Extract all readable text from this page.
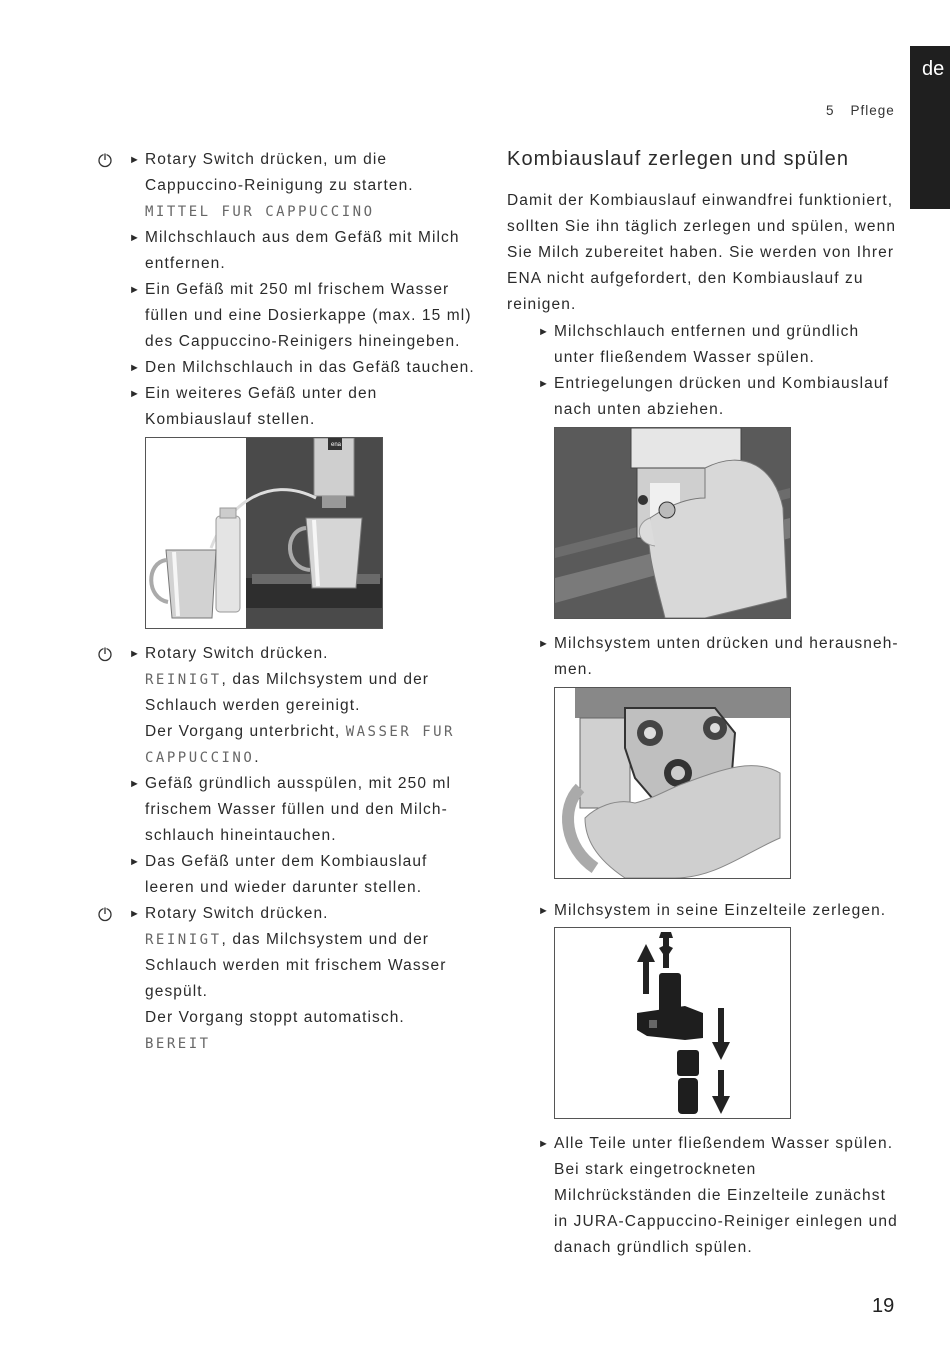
de
5 Pflege
► Rotary Switch drücken, um die Cappuccino-Reinigung zu starten.
MITTEL FUR CAPPUCCINO
► Milchschlauch aus dem Gefäß mit Milch entfernen.
► Ein Gefäß mit 250 ml frischem Wasser füllen und eine Dosierkappe (max. 15 ml) des Cappuccino-Reinigers hineingeben.
► Den Milchschlauch in das Gefäß tauchen.
► Ein weiteres Gefäß unter den Kombiauslauf stellen.
ena
► Rotary Switch drücken.
REINIGT, das Milchsystem und der Schlauch werden gereinigt.
Der Vorgang unterbricht, WASSER FUR CAPPUCCINO.
► Gefäß gründlich ausspülen, mit 250 ml frischem Wasser füllen und den Milch-schlauch hineintauchen.
► Das Gefäß unter dem Kombiauslauf leeren und wieder darunter stellen.
► Rotary Switch drücken.
REINIGT, das Milchsystem und der Schlauch werden mit frischem Wasser gespült.
Der Vorgang stoppt automatisch.
BEREIT
Kombiauslauf zerlegen und spülen
Damit der Kombiauslauf einwandfrei funktioniert, sollten Sie ihn täglich zerlegen und spülen, wenn Sie Milch zubereitet haben. Sie werden von Ihrer ENA nicht aufgefordert, den Kombiauslauf zu reinigen.
► Milchschlauch entfernen und gründlich unter fließendem Wasser spülen.
► Entriegelungen drücken und Kombiauslauf nach unten abziehen.
► Milchsystem unten drücken und herausneh-men.
► Milchsystem in seine Einzelteile zerlegen.
► Alle Teile unter fließendem Wasser spülen. Bei stark eingetrockneten Milchrückständen die Einzelteile zunächst in JURA-Cappuccino-Reiniger einlegen und danach gründlich spülen.
19
